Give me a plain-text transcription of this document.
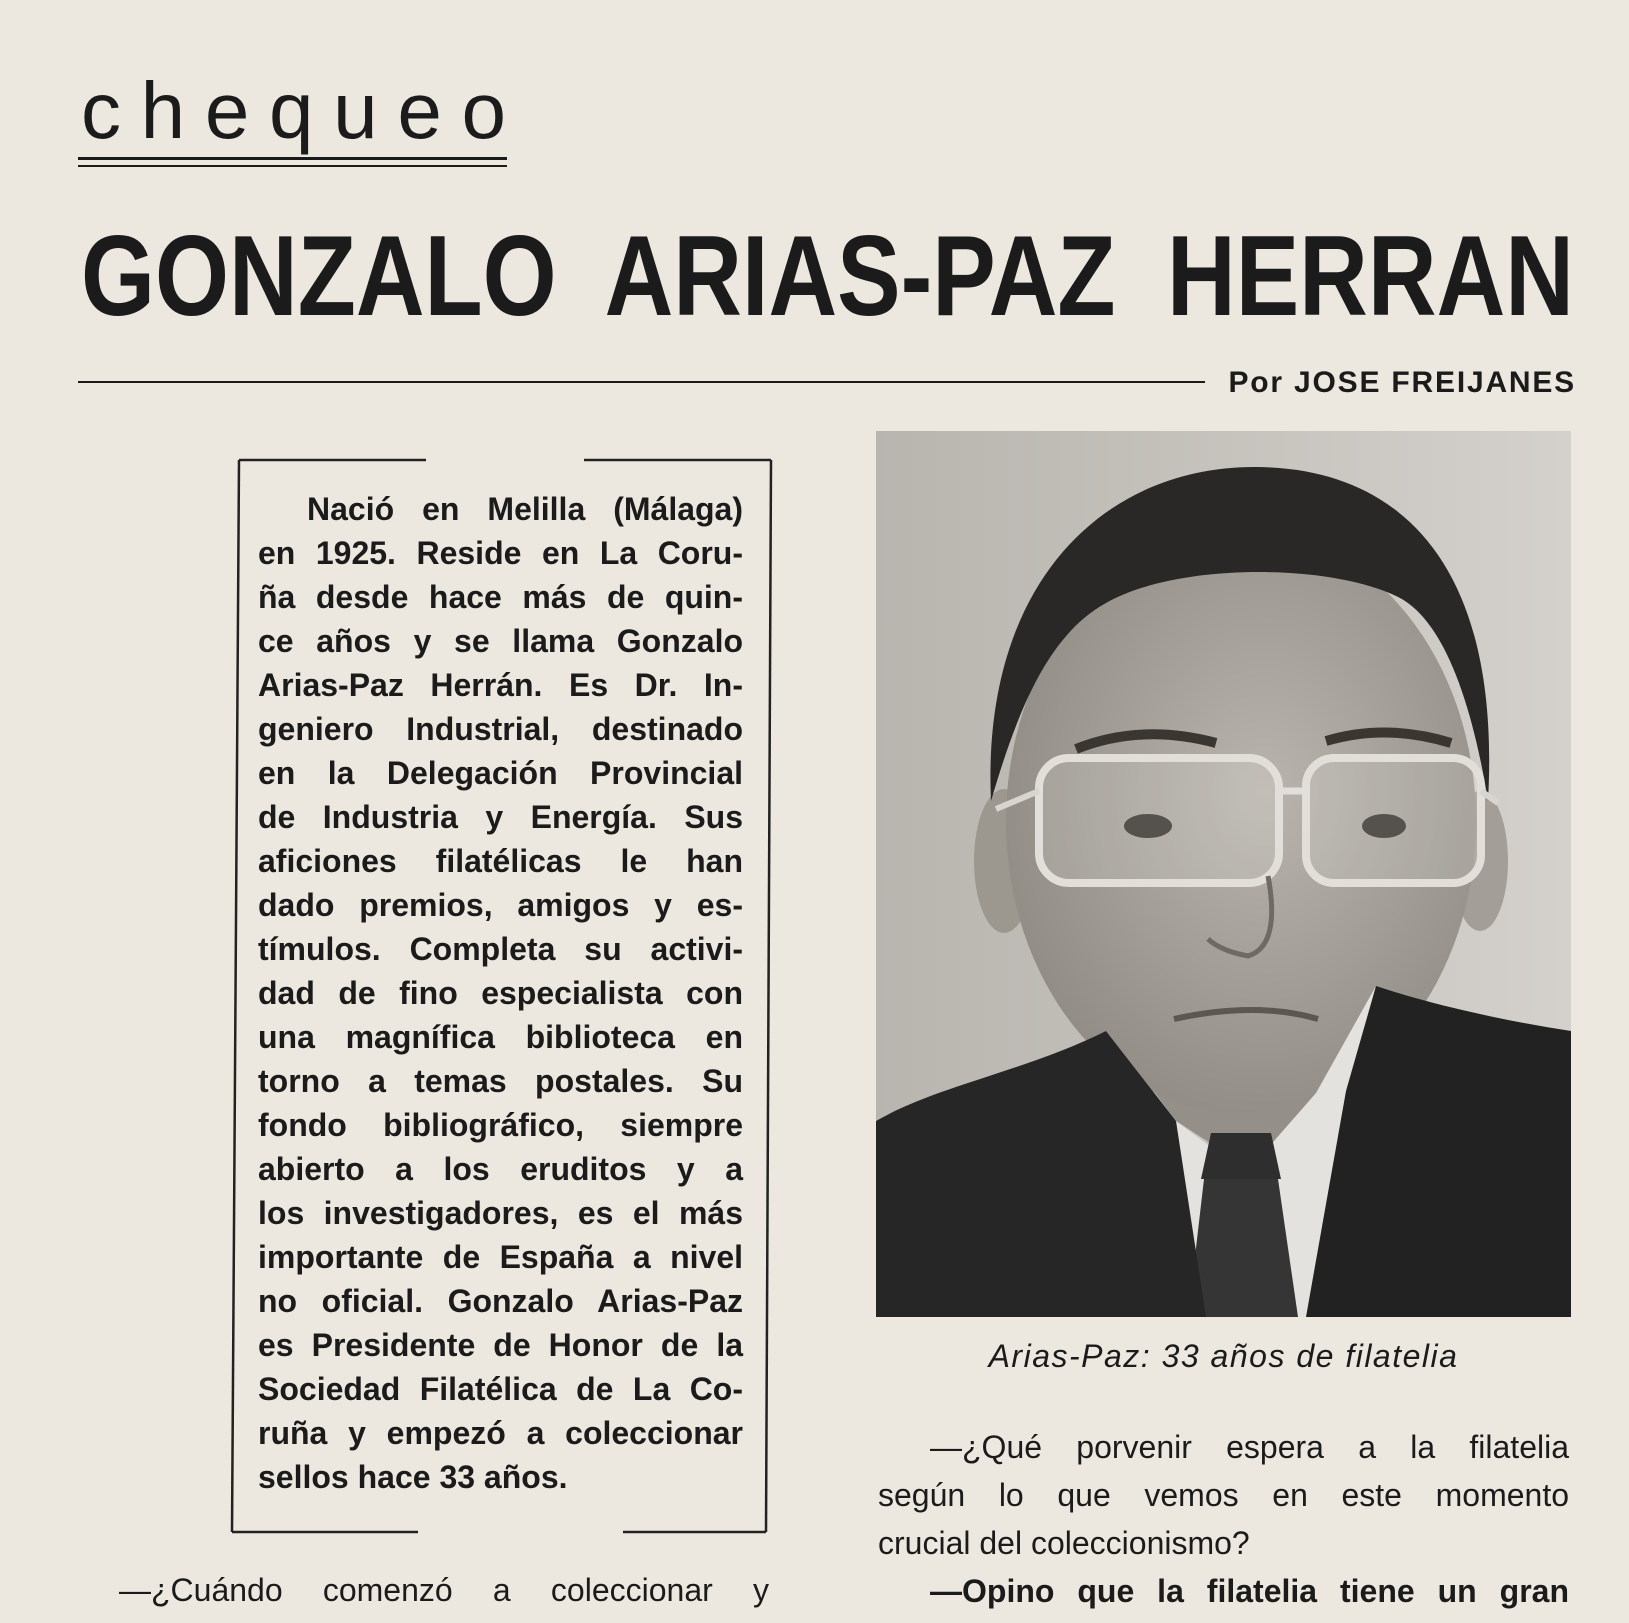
chequeo
GONZALO ARIAS-PAZ HERRAN
Por JOSE FREIJANES
Nació en Melilla (Málaga)
en 1925. Reside en La Coru-
ña desde hace más de quin-
ce años y se llama Gonzalo
Arias-Paz Herrán. Es Dr. In-
geniero Industrial, destinado
en la Delegación Provincial
de Industria y Energía. Sus
aficiones filatélicas le han
dado premios, amigos y es-
tímulos. Completa su activi-
dad de fino especialista con
una magnífica biblioteca en
torno a temas postales. Su
fondo bibliográfico, siempre
abierto a los eruditos y a
los investigadores, es el más
importante de España a nivel
no oficial. Gonzalo Arias-Paz
es Presidente de Honor de la
Sociedad Filatélica de La Co-
ruña y empezó a coleccionar
sellos hace 33 años.
Arias-Paz: 33 años de filatelia
—¿Cuándo comenzó a coleccionar y
—¿Qué porvenir espera a la filatelia
según lo que vemos en este momento
crucial del coleccionismo?
—Opino que la filatelia tiene un gran
